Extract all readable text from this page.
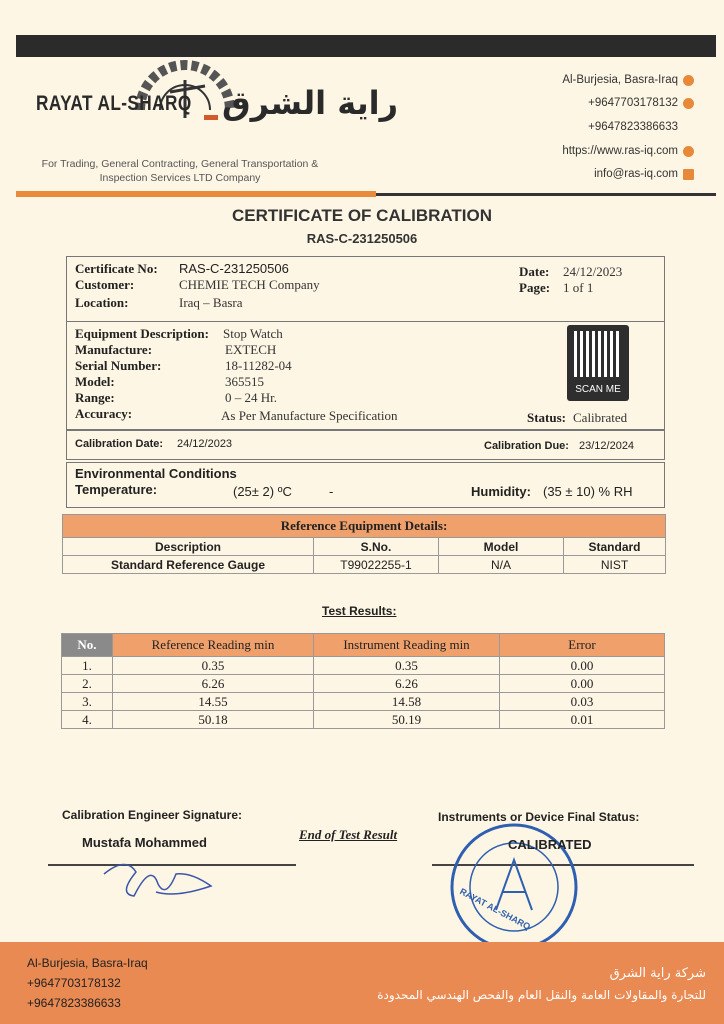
RAYAT AL-SHARQ راية الشرق
For Trading, General Contracting, General Transportation & Inspection Services LTD Company
Al-Burjesia, Basra-Iraq
+9647703178132
+9647823386633
https://www.ras-iq.com
info@ras-iq.com
CERTIFICATE OF CALIBRATION
RAS-C-231250506
Certificate No: RAS-C-231250506
Customer:	CHEMIE TECH Company
Location:	Iraq – Basra
Date: 24/12/2023
Page: 1 of 1
Equipment Description: Stop Watch
Manufacture:	EXTECH
Serial Number:	18-11282-04
Model:	365515
Range:	0 – 24 Hr.
Accuracy:	As Per Manufacture Specification	Status: Calibrated
SCAN ME
Calibration Date: 24/12/2023	Calibration Due: 23/12/2024
Environmental Conditions
Temperature:	(25± 2) ºC	-	Humidity: (35 ± 10) % RH
Reference Equipment Details:			
Description	S.No.	Model	Standard
Standard Reference Gauge	T99022255-1	N/A	NIST
Test Results:
No.	Reference Reading min	Instrument Reading min	Error
1.	0.35	0.35	0.00
2.	6.26	6.26	0.00
3.	14.55	14.58	0.03
4.	50.18	50.19	0.01
Calibration Engineer Signature:
Mustafa Mohammed
End of Test Result
Instruments or Device Final Status:
RAYAT AL-SHARQ
CALIBRATED
Al-Burjesia, Basra-Iraq
+9647703178132
+9647823386633
شركة راية الشرق
للتجارة والمقاولات العامة والنقل العام والفحص الهندسي المحدودة
